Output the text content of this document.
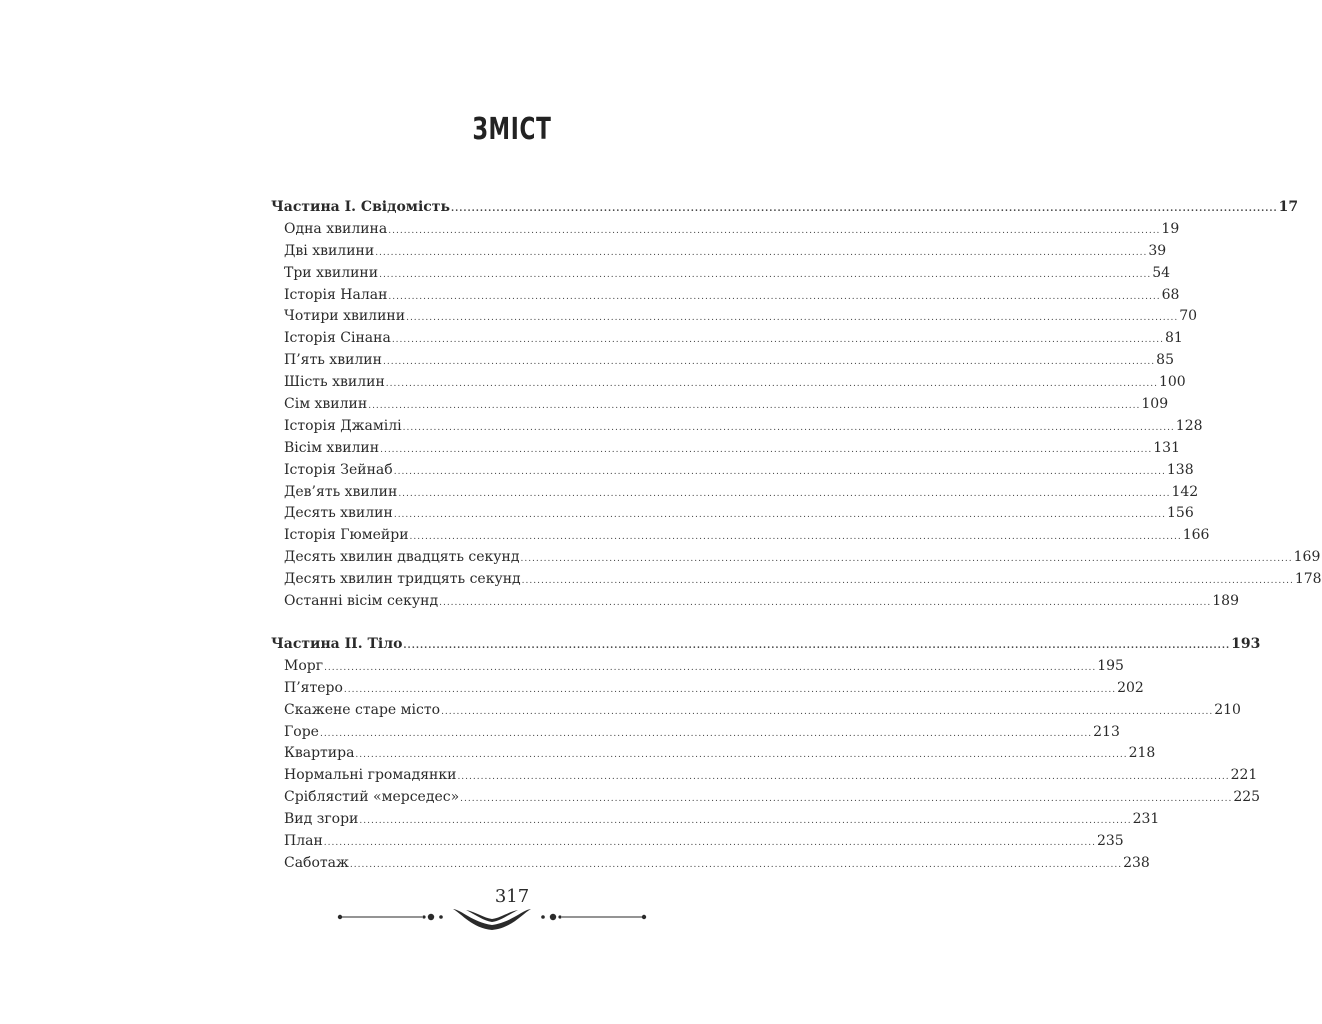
ЗМІСТ
Частина І. Свідомість ........................................................................................................................................................................................................ 17
Одна хвилина ........................................................................................................................................................................................................ 19
Дві хвилини ........................................................................................................................................................................................................ 39
Три хвилини ........................................................................................................................................................................................................ 54
Історія Налан ........................................................................................................................................................................................................ 68
Чотири хвилини ........................................................................................................................................................................................................ 70
Історія Сінана ........................................................................................................................................................................................................ 81
П’ять хвилин ........................................................................................................................................................................................................ 85
Шість хвилин ........................................................................................................................................................................................................ 100
Сім хвилин ........................................................................................................................................................................................................ 109
Історія Джамілі ........................................................................................................................................................................................................ 128
Вісім хвилин ........................................................................................................................................................................................................ 131
Історія Зейнаб ........................................................................................................................................................................................................ 138
Дев’ять хвилин ........................................................................................................................................................................................................ 142
Десять хвилин ........................................................................................................................................................................................................ 156
Історія Гюмейри ........................................................................................................................................................................................................ 166
Десять хвилин двадцять секунд ........................................................................................................................................................................................................ 169
Десять хвилин тридцять секунд ........................................................................................................................................................................................................ 178
Останні вісім секунд ........................................................................................................................................................................................................ 189
Частина ІІ. Тіло ........................................................................................................................................................................................................ 193
Морг ........................................................................................................................................................................................................ 195
П’ятеро ........................................................................................................................................................................................................ 202
Скажене старе місто ........................................................................................................................................................................................................ 210
Горе ........................................................................................................................................................................................................ 213
Квартира ........................................................................................................................................................................................................ 218
Нормальні громадянки ........................................................................................................................................................................................................ 221
Сріблястий «мерседес» ........................................................................................................................................................................................................ 225
Вид згори ........................................................................................................................................................................................................ 231
План ........................................................................................................................................................................................................ 235
Саботаж ........................................................................................................................................................................................................ 238
317
